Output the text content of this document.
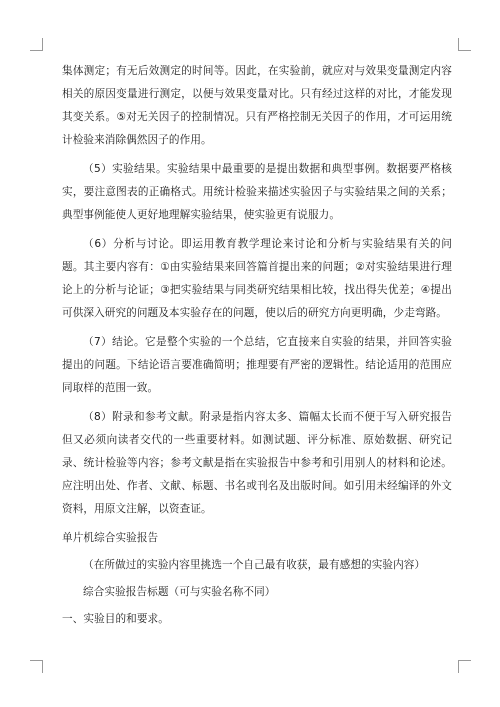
集体测定；有无后效测定的时间等。因此，在实验前，就应对与效果变量测定内容相关的原因变量进行测定，以便与效果变量对比。只有经过这样的对比，才能发现其变关系。⑤对无关因子的控制情况。只有严格控制无关因子的作用，才可运用统计检验来消除偶然因子的作用。

（5）实验结果。实验结果中最重要的是提出数据和典型事例。数据要严格核实，要注意图表的正确格式。用统计检验来描述实验因子与实验结果之间的关系；典型事例能使人更好地理解实验结果，使实验更有说服力。

（6）分析与讨论。即运用教育教学理论来讨论和分析与实验结果有关的问题。其主要内容有：①由实验结果来回答篇首提出来的问题；②对实验结果进行理论上的分析与论证；③把实验结果与同类研究结果相比较，找出得失优差；④提出可供深入研究的问题及本实验存在的问题，使以后的研究方向更明确，少走弯路。

（7）结论。它是整个实验的一个总结，它直接来自实验的结果，并回答实验提出的问题。下结论语言要准确简明；推理要有严密的逻辑性。结论适用的范围应同取样的范围一致。

（8）附录和参考文献。附录是指内容太多、篇幅太长而不便于写入研究报告但又必须向读者交代的一些重要材料。如测试题、评分标准、原始数据、研究记录、统计检验等内容；参考文献是指在实验报告中参考和引用别人的材料和论述。应注明出处、作者、文献、标题、书名或刊名及出版时间。如引用未经编译的外文资料，用原文注解，以资查证。

单片机综合实验报告

（在所做过的实验内容里挑选一个自己最有收获，最有感想的实验内容）

综合实验报告标题（可与实验名称不同）

一、实验目的和要求。
